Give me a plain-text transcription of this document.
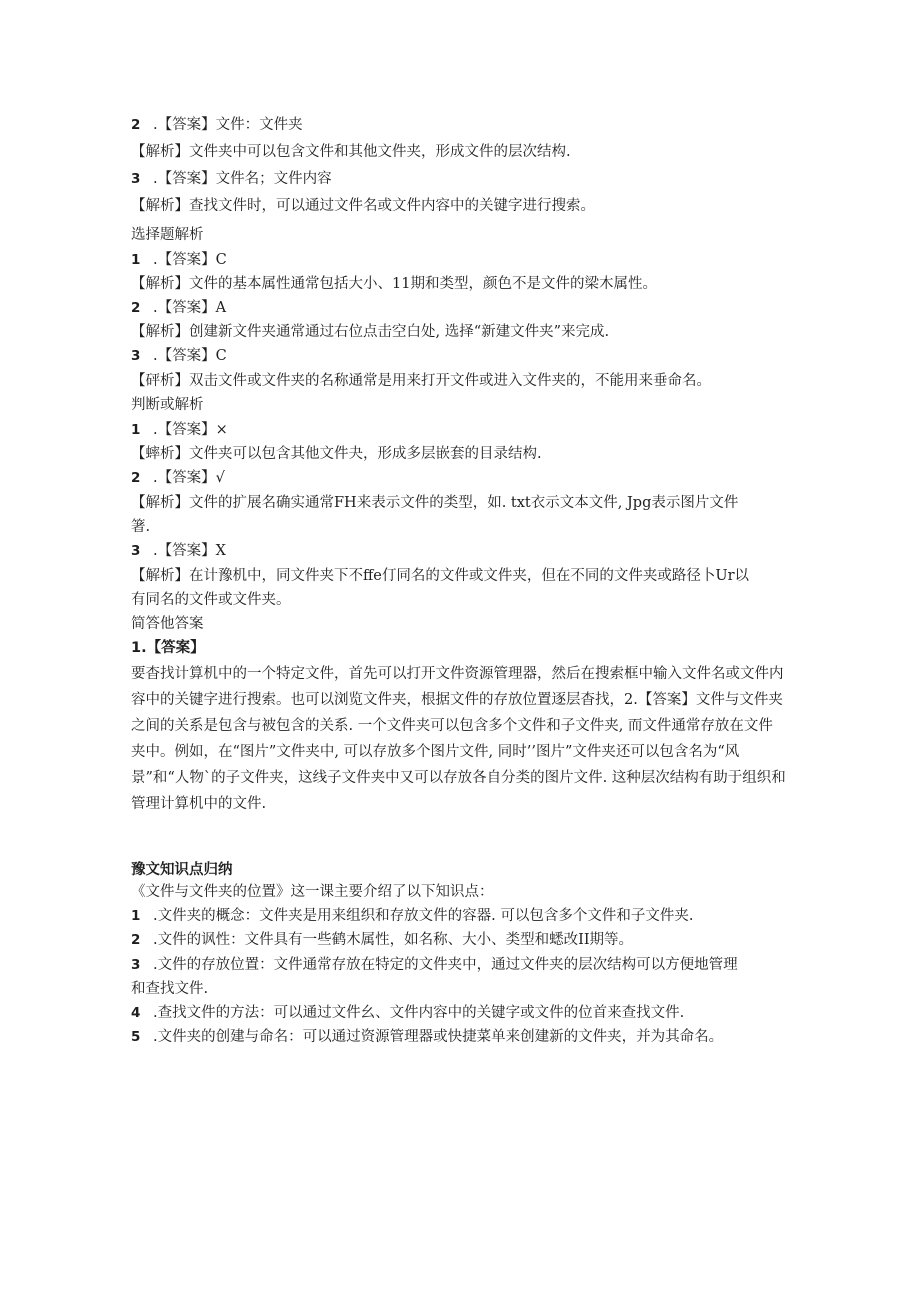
2 .【答案】文件：文件夹
【解析】文件夹中可以包含文件和其他文件夹，形成文件的层次结构.
3 .【答案】文件名；文件内容
【解析】查找文件时，可以通过文件名或文件内容中的关键字进行搜索。
选择题解析
1 .【答案】C
【解析】文件的基本属性通常包括大小、11期和类型，颜色不是文件的梁木属性。
2 .【答案】A
【解析】创建新文件夹通常通过右位点击空白处, 选择“新建文件夹”来完成.
3 .【答案】C
【砰析】双击文件或文件夹的名称通常是用来打开文件或进入文件夹的，不能用来垂命名。
判断或解析
1 .【答案】×
【蟀析】文件夹可以包含其他文件夬，形成多层嵌套的目录结构.
2 .【答案】√
【解析】文件的扩展名确实通常FH来表示文件的类型，如. txt衣示文本文件, Jpg表示图片文件
箸.
3 .【答案】X
【解析】在计豫机中，同文件夹下不ffe仃同名的文件或文件夹，但在不同的文件夹或路径卜Ur以
有同名的文件或文件夹。
简答他答案
1.【答案】
要杳找计算机中的一个特定文件，首先可以打开文件资源管理器，然后在搜索框中输入文件名或文件内容中的关键字进行搜索。也可以浏览文件夹，根据文件的存放位置逐层杳找，2.【答案】文件与文件夹之间的关系是包含与被包含的关系. 一个文件夹可以包含多个文件和子文件夹, 而文件通常存放在文件夹中。例如，在“图片”文件夹中, 可以存放多个图片文件, 同时’’图片”文件夹还可以包含名为“风景”和“人物`的子文件夹，这线子文件夹中又可以存放各自分类的图片文件. 这种层次结构有助于组织和管理计算机中的文件.
豫文知识点归纳
《文件与文件夹的位置》这一课主要介绍了以下知识点：
1 .文件夹的概念：文件夹是用来组织和存放文件的容器. 可以包含多个文件和子文件夹.
2 .文件的讽性：文件具有一些鹤木属性，如名称、大小、类型和蟋改II期等。
3 .文件的存放位置：文件通常存放在特定的文件夹中，通过文件夹的层次结构可以方便地管理
和查找文件.
4 .查找文件的方法：可以通过文件幺、文件内容中的关键字或文件的位首来查找文件.
5 .文件夹的创建与命名：可以通过资源管理器或快捷菜单来创建新的文件夹，并为其命名。
